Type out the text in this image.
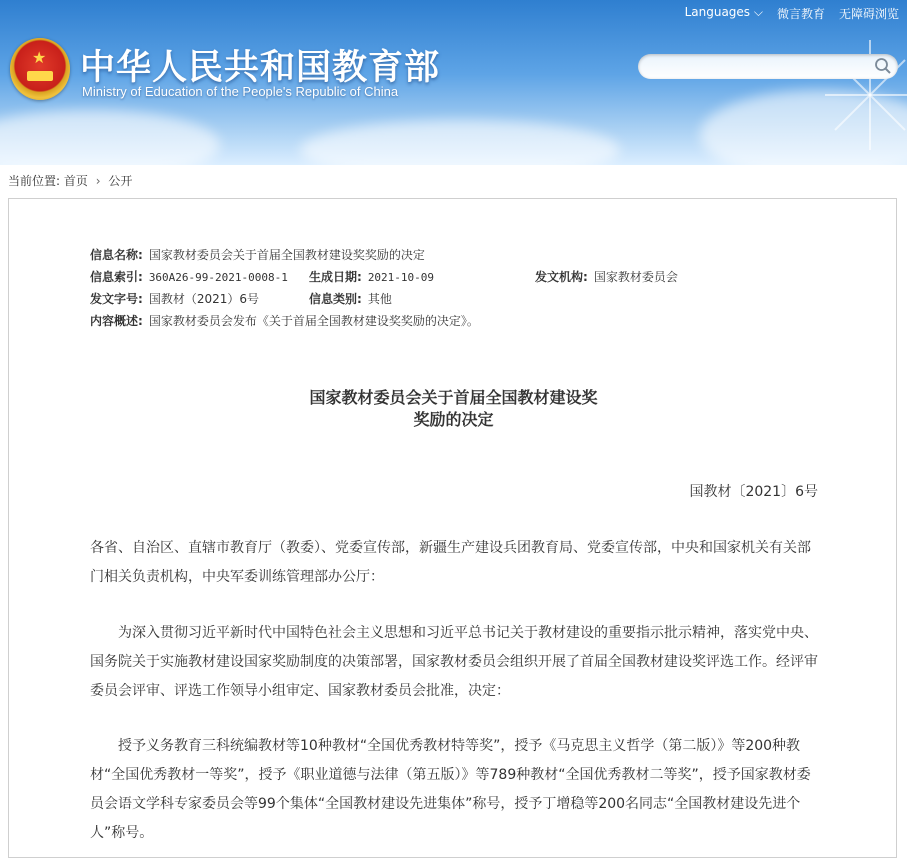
★ 中华人民共和国教育部
Ministry of Education of the People's Republic of China
Languages ⌵ 微言教育 无障碍浏览
当前位置: 首页 › 公开
信息名称: 国家教材委员会关于首届全国教材建设奖奖励的决定
信息索引: 360A26-99-2021-0008-1 生成日期: 2021-10-09	发文机构: 国家教材委员会
发文字号: 国教材（2021）6号	信息类别: 其他
内容概述: 国家教材委员会发布《关于首届全国教材建设奖奖励的决定》。
国家教材委员会关于首届全国教材建设奖
奖励的决定
国教材〔2021〕6号

各省、自治区、直辖市教育厅（教委）、党委宣传部，新疆生产建设兵团教育局、党委宣传部，中央和国家机关有关部门相关负责机构，中央军委训练管理部办公厅：

为深入贯彻习近平新时代中国特色社会主义思想和习近平总书记关于教材建设的重要指示批示精神，落实党中央、国务院关于实施教材建设国家奖励制度的决策部署，国家教材委员会组织开展了首届全国教材建设奖评选工作。经评审委员会评审、评选工作领导小组审定、国家教材委员会批准，决定：

授予义务教育三科统编教材等10种教材“全国优秀教材特等奖”，授予《马克思主义哲学（第二版）》等200种教材“全国优秀教材一等奖”，授予《职业道德与法律（第五版）》等789种教材“全国优秀教材二等奖”，授予国家教材委员会语文学科专家委员会等99个集体“全国教材建设先进集体”称号，授予丁增稳等200名同志“全国教材建设先进个人”称号。
